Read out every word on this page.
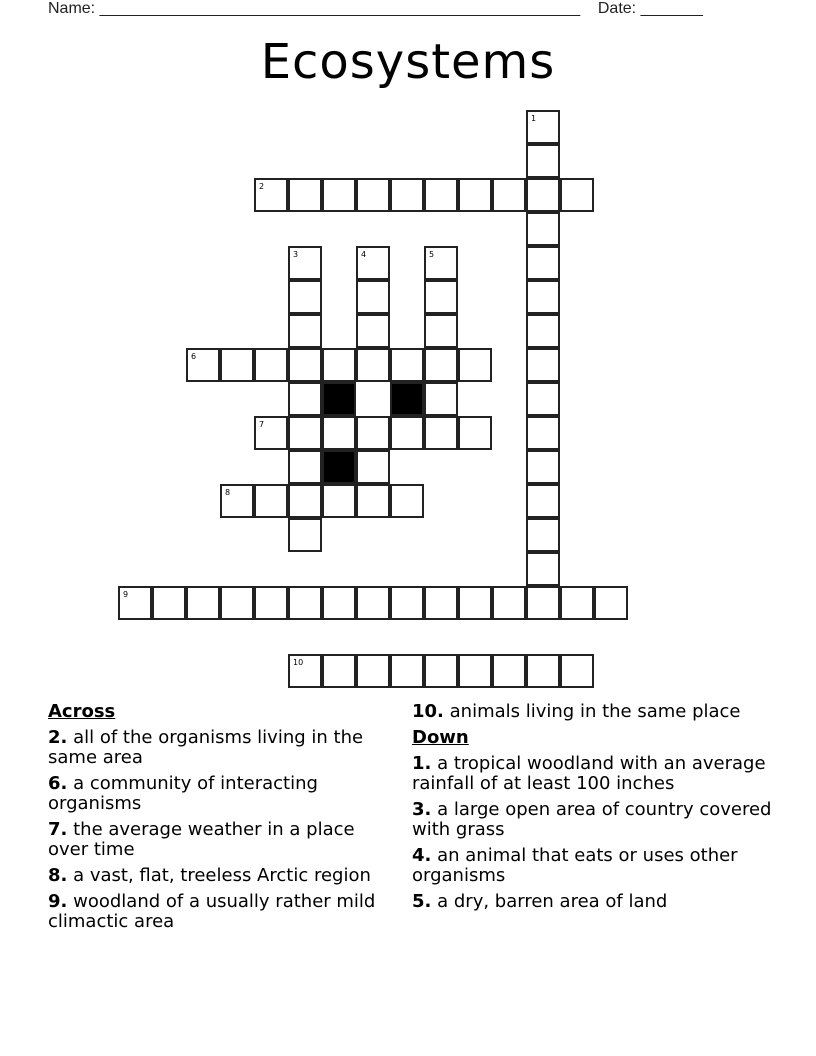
Name: ______________________________________________________ Date: _______
Ecosystems
1
2
3	4	5
6
7
8
9
10
Across
2. all of the organisms living in the same area
6. a community of interacting organisms
7. the average weather in a place over time
8. a vast, flat, treeless Arctic region
9. woodland of a usually rather mild climactic area
10. animals living in the same place
Down
1. a tropical woodland with an average rainfall of at least 100 inches
3. a large open area of country covered with grass
4. an animal that eats or uses other organisms
5. a dry, barren area of land
